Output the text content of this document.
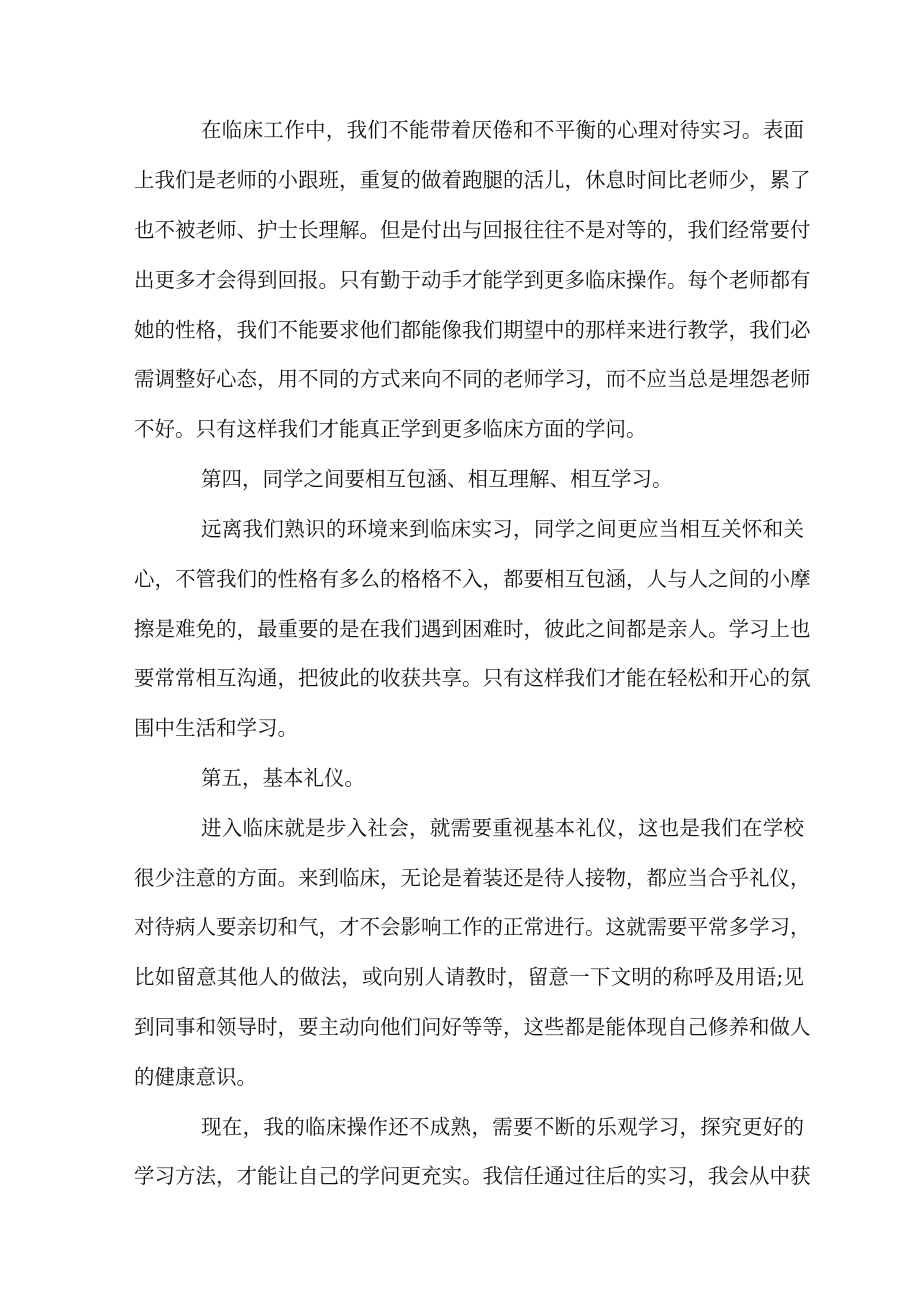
在临床工作中，我们不能带着厌倦和不平衡的心理对待实习。表面

上我们是老师的小跟班，重复的做着跑腿的活儿，休息时间比老师少，累了

也不被老师、护士长理解。但是付出与回报往往不是对等的，我们经常要付

出更多才会得到回报。只有勤于动手才能学到更多临床操作。每个老师都有

她的性格，我们不能要求他们都能像我们期望中的那样来进行教学，我们必

需调整好心态，用不同的方式来向不同的老师学习，而不应当总是埋怨老师

不好。只有这样我们才能真正学到更多临床方面的学问。

第四，同学之间要相互包涵、相互理解、相互学习。

远离我们熟识的环境来到临床实习，同学之间更应当相互关怀和关

心，不管我们的性格有多么的格格不入，都要相互包涵，人与人之间的小摩

擦是难免的，最重要的是在我们遇到困难时，彼此之间都是亲人。学习上也

要常常相互沟通，把彼此的收获共享。只有这样我们才能在轻松和开心的氛

围中生活和学习。

第五，基本礼仪。

进入临床就是步入社会，就需要重视基本礼仪，这也是我们在学校

很少注意的方面。来到临床，无论是着装还是待人接物，都应当合乎礼仪，

对待病人要亲切和气，才不会影响工作的正常进行。这就需要平常多学习，

比如留意其他人的做法，或向别人请教时，留意一下文明的称呼及用语;见

到同事和领导时，要主动向他们问好等等，这些都是能体现自己修养和做人

的健康意识。

现在，我的临床操作还不成熟，需要不断的乐观学习，探究更好的

学习方法，才能让自己的学问更充实。我信任通过往后的实习，我会从中获
